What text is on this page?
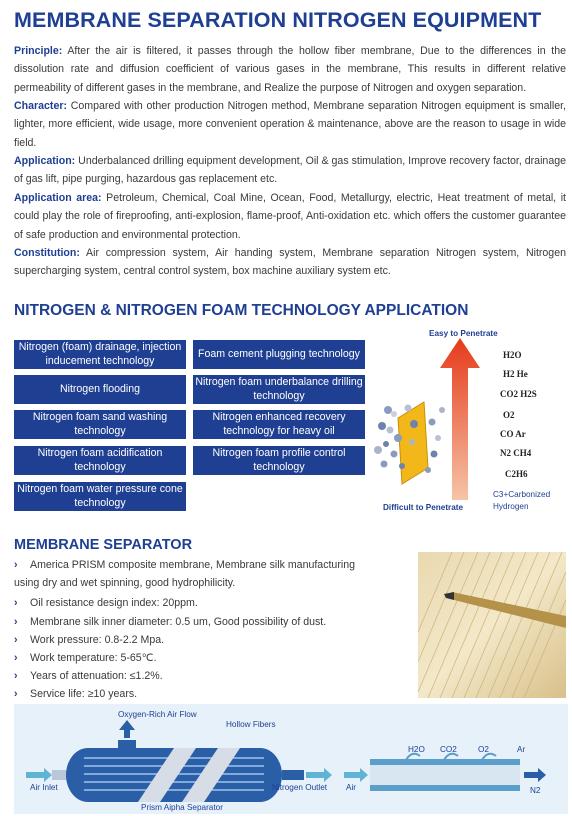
MEMBRANE SEPARATION NITROGEN EQUIPMENT
Principle: After the air is filtered, it passes through the hollow fiber membrane, Due to the differences in the dissolution rate and diffusion coefficient of various gases in the membrane, This results in different relative permeability of different gases in the membrane, and Realize the purpose of Nitrogen and oxygen separation.
Character: Compared with other production Nitrogen method, Membrane separation Nitrogen equipment is smaller, lighter, more efficient, wide usage, more convenient operation & maintenance, above are the reason to usage in wide field.
Application: Underbalanced drilling equipment development, Oil & gas stimulation, Improve recovery factor, drainage of gas lift, pipe purging, hazardous gas replacement etc.
Application area: Petroleum, Chemical, Coal Mine, Ocean, Food, Metallurgy, electric, Heat treatment of metal, it could play the role of fireproofing, anti-explosion, flame-proof, Anti-oxidation etc. which offers the customer guarantee of safe production and environmental protection.
Constitution: Air compression system, Air handing system, Membrane separation Nitrogen system, Nitrogen supercharging system, central control system, box machine auxiliary system etc.
NITROGEN & NITROGEN FOAM TECHNOLOGY APPLICATION
Nitrogen (foam) drainage, injection inducement technology
Foam cement plugging technology
Nitrogen flooding
Nitrogen foam underbalance drilling technology
Nitrogen foam sand washing technology
Nitrogen enhanced recovery technology for heavy oil
Nitrogen foam acidification technology
Nitrogen foam profile control technology
Nitrogen foam water pressure cone technology
Easy to Penetrate
H2O
H2 He
CO2 H2S
O2
CO Ar
N2 CH4
C2H6
Difficult to Penetrate
C3+Carbonized
Hydrogen
MEMBRANE SEPARATOR
› America PRISM composite membrane, Membrane silk manufacturing
using dry and wet spinning, good hydrophilicity.
› Oil resistance design index: 20ppm.
› Membrane silk inner diameter: 0.5 um, Good possibility of dust.
› Work pressure: 0.8-2.2 Mpa.
› Work temperature: 5-65℃.
› Years of attenuation: ≤1.2%.
› Service life: ≥10 years.
Oxygen-Rich Air Flow
Hollow Fibers
Air Inlet	Nitrogen Outlet Air
Prism Aipha Separator
H2O CO2	O2	Ar
N2
